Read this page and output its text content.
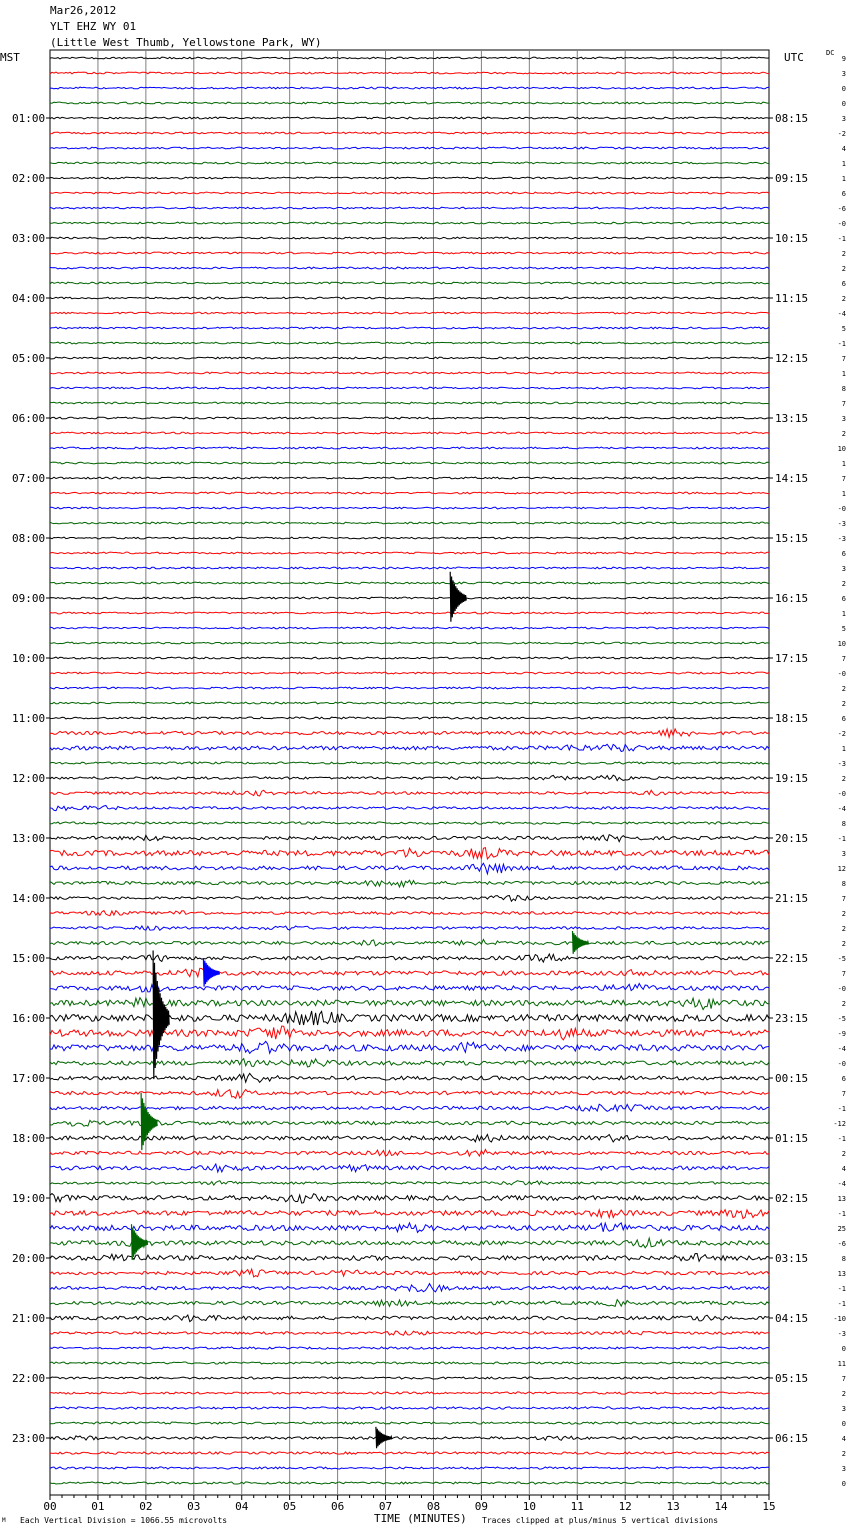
Mar26,2012
YLT EHZ WY 01
(Little West Thumb, Yellowstone Park, WY)
MST	UTC	DC
00	01	02	03	04	05	06	07	08	09	10	11	12	13	14	15
01:00
02:00
03:00
04:00
05:00
06:00
07:00
08:00
09:00
10:00
11:00
12:00
13:00
14:00
15:00
16:00
17:00
18:00
19:00
20:00
21:00
22:00
23:00
08:15
09:15
10:15
11:15
12:15
13:15
14:15
15:15
16:15
17:15
18:15
19:15
20:15
21:15
22:15
23:15
00:15
01:15
02:15
03:15
04:15
05:15
06:15
9
3
0
0
3
-2
4
1
1
6
-6
-0
-1
2
2
6
2
-4
5
-1
7
1
8
7
3
2
10
1
7
1
-0
-3
-3
6
3
2
6
1
5
10
7
-0
2
2
6
-2
1
-3
2
-0
-4
8
-1
3
12
8
7
2
2
2
-5
7
-0
2
-5
-9
-4
-0
6
7
-1
-12
-1
2
4
-4
13
-1
25
-6
8
13
-1
-1
-10
-3
0
11
7
2
3
0
4
2
3
0
TIME (MINUTES)
M Each Vertical Division = 1066.55 microvolts	Traces clipped at plus/minus 5 vertical divisions
